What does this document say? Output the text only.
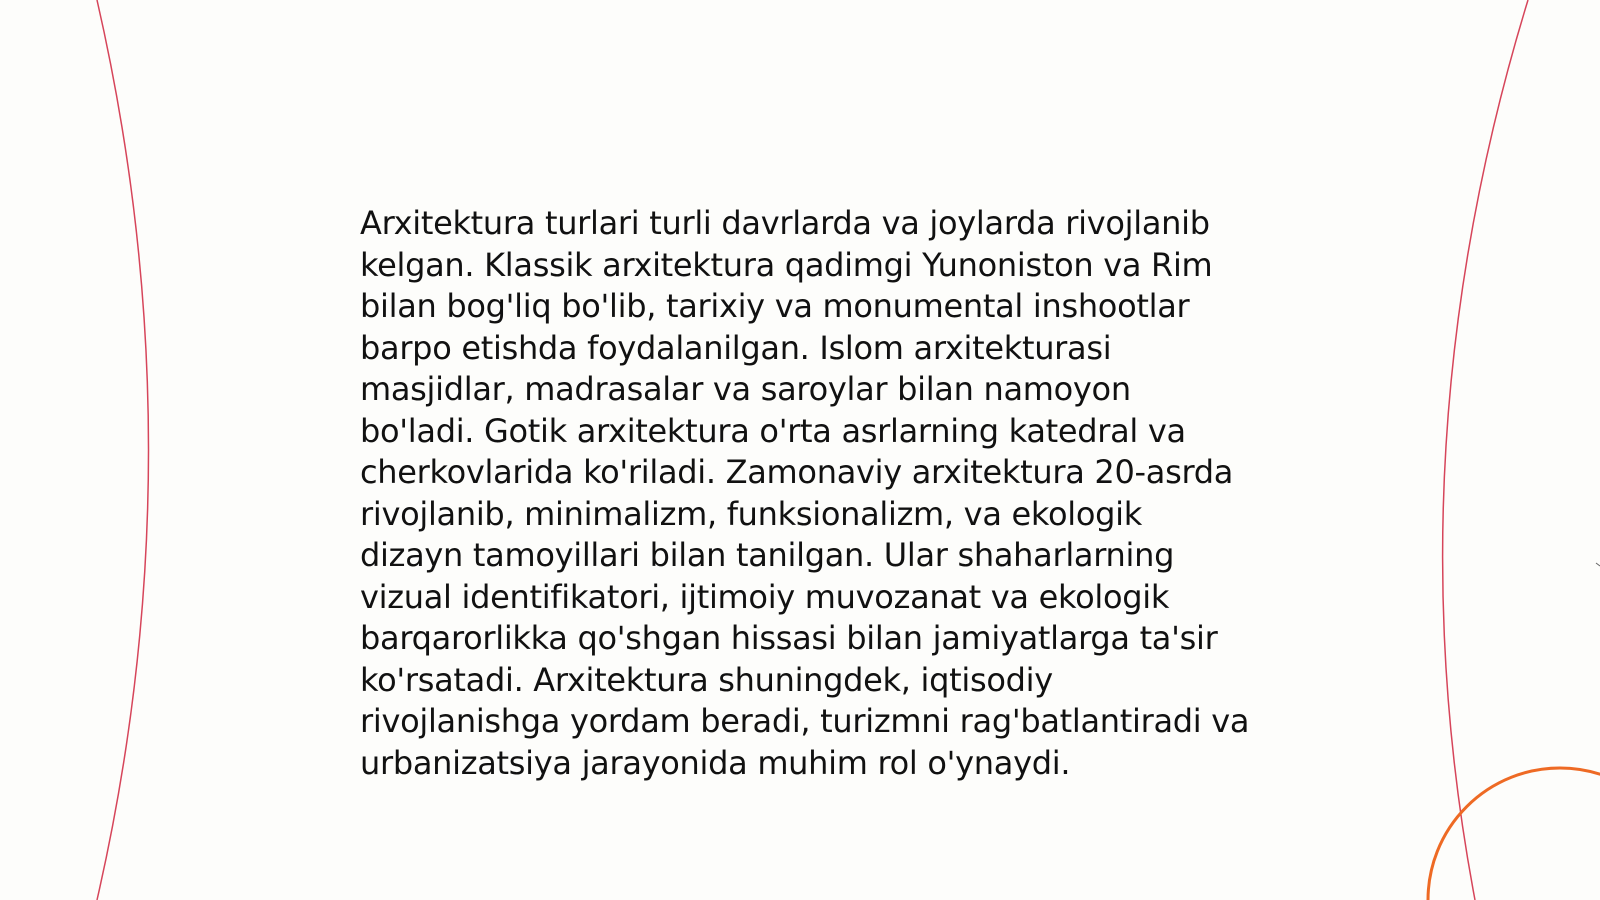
Arxitektura turlari turli davrlarda va joylarda rivojlanib kelgan. Klassik arxitektura qadimgi Yunoniston va Rim bilan bog'liq bo'lib, tarixiy va monumental inshootlar barpo etishda foydalanilgan. Islom arxitekturasi masjidlar, madrasalar va saroylar bilan namoyon bo'ladi. Gotik arxitektura o'rta asrlarning katedral va cherkovlarida ko'riladi. Zamonaviy arxitektura 20-asrda rivojlanib, minimalizm, funksionalizm, va ekologik dizayn tamoyillari bilan tanilgan. Ular shaharlarning vizual identifikatori, ijtimoiy muvozanat va ekologik barqarorlikka qo'shgan hissasi bilan jamiyatlarga ta'sir ko'rsatadi. Arxitektura shuningdek, iqtisodiy rivojlanishga yordam beradi, turizmni rag'batlantiradi va urbanizatsiya jarayonida muhim rol o'ynaydi.
